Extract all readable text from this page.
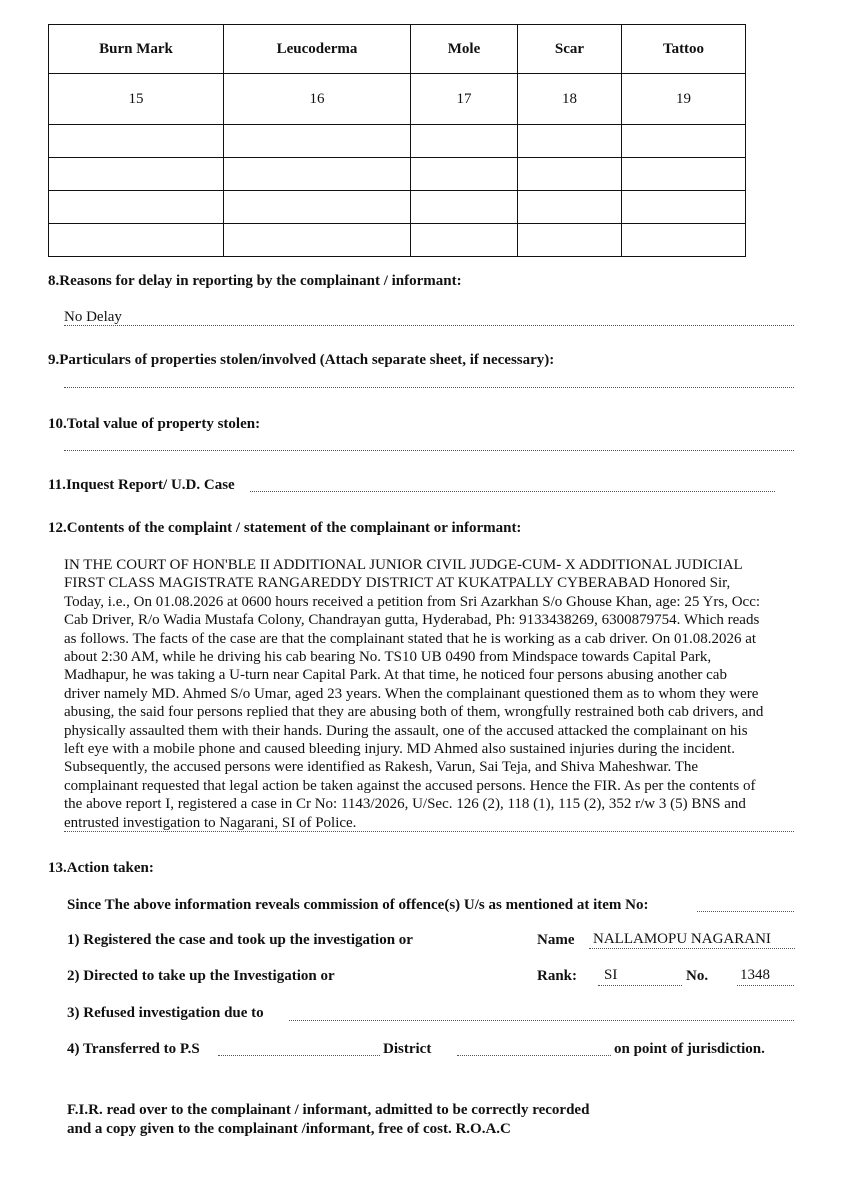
Burn Mark	Leucoderma	Mole	Scar	Tattoo
15	16	17	18	19

8.Reasons for delay in reporting by the complainant / informant:
No Delay
9.Particulars of properties stolen/involved (Attach separate sheet, if necessary):
10.Total value of property stolen:
11.Inquest Report/ U.D. Case
12.Contents of the complaint / statement of the complainant or informant:
IN THE COURT OF HON'BLE II ADDITIONAL JUNIOR CIVIL JUDGE-CUM- X ADDITIONAL JUDICIAL
FIRST CLASS MAGISTRATE RANGAREDDY DISTRICT AT KUKATPALLY CYBERABAD Honored Sir,
Today, i.e., On 01.08.2026 at 0600 hours received a petition from Sri Azarkhan S/o Ghouse Khan, age: 25 Yrs, Occ:
Cab Driver, R/o Wadia Mustafa Colony, Chandrayan gutta, Hyderabad, Ph: 9133438269, 6300879754. Which reads
as follows. The facts of the case are that the complainant stated that he is working as a cab driver. On 01.08.2026 at
about 2:30 AM, while he driving his cab bearing No. TS10 UB 0490 from Mindspace towards Capital Park,
Madhapur, he was taking a U-turn near Capital Park. At that time, he noticed four persons abusing another cab
driver namely MD. Ahmed S/o Umar, aged 23 years. When the complainant questioned them as to whom they were
abusing, the said four persons replied that they are abusing both of them, wrongfully restrained both cab drivers, and
physically assaulted them with their hands. During the assault, one of the accused attacked the complainant on his
left eye with a mobile phone and caused bleeding injury. MD Ahmed also sustained injuries during the incident.
Subsequently, the accused persons were identified as Rakesh, Varun, Sai Teja, and Shiva Maheshwar. The
complainant requested that legal action be taken against the accused persons. Hence the FIR. As per the contents of
the above report I, registered a case in Cr No: 1143/2026, U/Sec. 126 (2), 118 (1), 115 (2), 352 r/w 3 (5) BNS and
entrusted investigation to Nagarani, SI of Police.
13.Action taken:
Since The above information reveals commission of offence(s) U/s as mentioned at item No:
1) Registered the case and took up the investigation or	Name NALLAMOPU NAGARANI
2) Directed to take up the Investigation or	Rank: SI	No. 1348
3) Refused investigation due to
4) Transferred to P.S	District	on point of jurisdiction.
F.I.R. read over to the complainant / informant, admitted to be correctly recorded
and a copy given to the complainant /informant, free of cost. R.O.A.C
